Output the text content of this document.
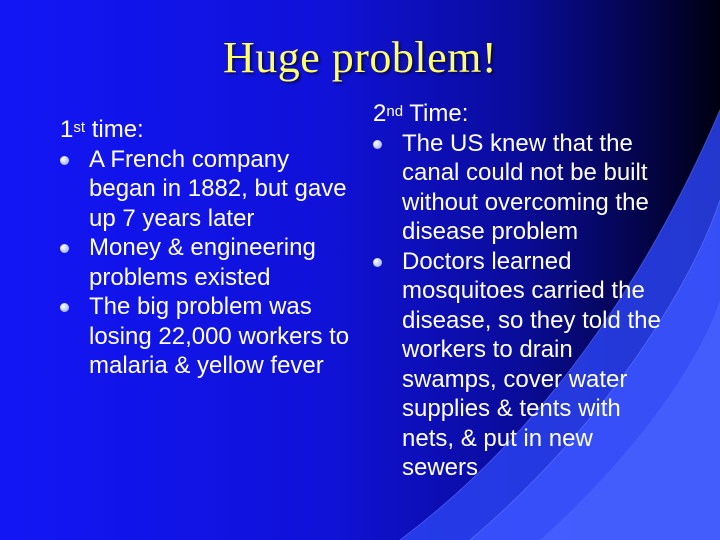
Huge problem!
1st time:
A French company began in 1882, but gave up 7 years later
Money & engineering problems existed
The big problem was losing 22,000 workers to malaria & yellow fever
2nd Time:
The US knew that the canal could not be built without overcoming the disease problem
Doctors learned mosquitoes carried the disease, so they told the workers to drain swamps, cover water supplies & tents with nets, & put in new sewers
